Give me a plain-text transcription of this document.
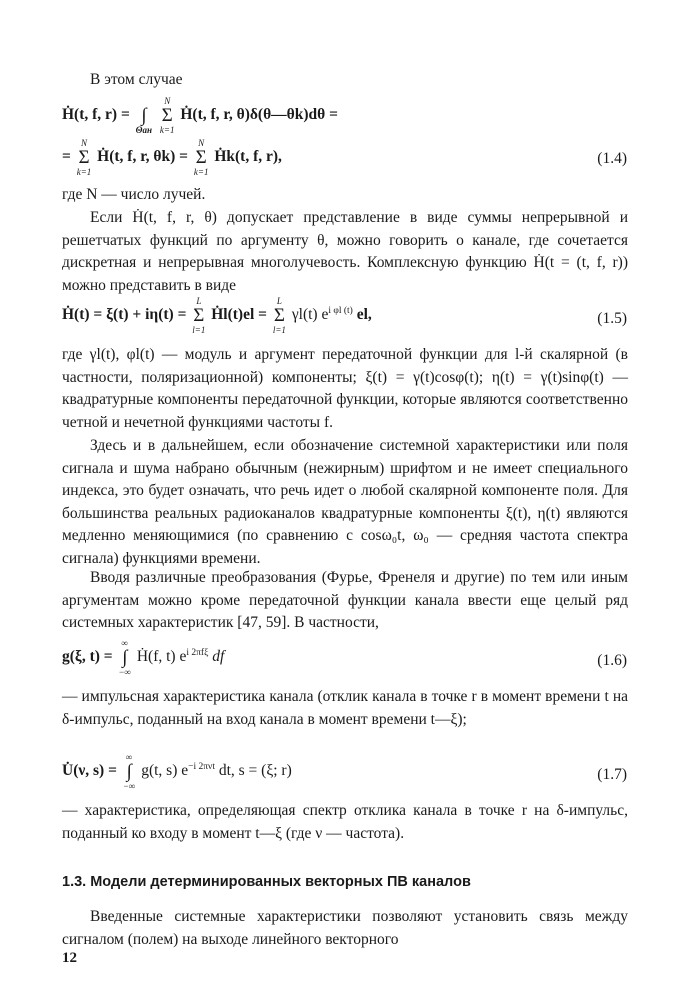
В этом случае

Ḣ(t, f, r) =
∫
Θан

N
Σ
k=1
Ḣ(t, f, r, θ)δ(θ—θk)dθ =
=
N
Σ
k=1
Ḣ(t, f, r, θk) =
N
Σ
k=1
Ḣk(t, f, r),	(1.4)

где N — число лучей.

Если Ḣ(t, f, r, θ) допускает представление в виде суммы непрерывной и решетчатых функций по аргументу θ, можно говорить о канале, где сочетается дискретная и непрерывная многолучевость. Комплексную функцию Ḣ(t = (t, f, r)) можно представить в виде

Ḣ(t) = ξ(t) + iη(t) =
L
Σ
l=1
Ḣl(t)el =
L
Σ
l=1
γl(t) $e^{i \varphi l (t)}$ el,	(1.5)

где γl(t), φl(t) — модуль и аргумент передаточной функции для l-й скалярной (в частности, поляризационной) компоненты; ξ(t) = γ(t)cosφ(t); η(t) = γ(t)sinφ(t) — квадратурные компоненты передаточной функции, которые являются соответственно четной и нечетной функциями частоты f.

Здесь и в дальнейшем, если обозначение системной характеристики или поля сигнала и шума набрано обычным (нежирным) шрифтом и не имеет специального индекса, это будет означать, что речь идет о любой скалярной компоненте поля. Для большинства реальных радиоканалов квадратурные компоненты ξ(t), η(t) являются медленно меняющимися (по сравнению с cosω₀t, ω₀ — средняя частота спектра сигнала) функциями времени.

Вводя различные преобразования (Фурье, Френеля и другие) по тем или иным аргументам можно кроме передаточной функции канала ввести еще целый ряд системных характеристик [47, 59]. В частности,

g(ξ, t) =
∞
∫
−∞
Ḣ(f, t) $e^{i 2\pi f\xi}$ df	(1.6)

— импульсная характеристика канала (отклик канала в точке r в момент времени t на δ-импульс, поданный на вход канала в момент времени t—ξ);

U̇(ν, s) =
∞
∫
−∞
g(t, s) $e^{-i 2\pi\nu t}$ dt, s = (ξ; r)	(1.7)

— характеристика, определяющая спектр отклика канала в точке r на δ-импульс, поданный ко входу в момент t—ξ (где ν — частота).

1.3. Модели детерминированных векторных ПВ каналов

Введенные системные характеристики позволяют установить связь между сигналом (полем) на выходе линейного векторного

12
